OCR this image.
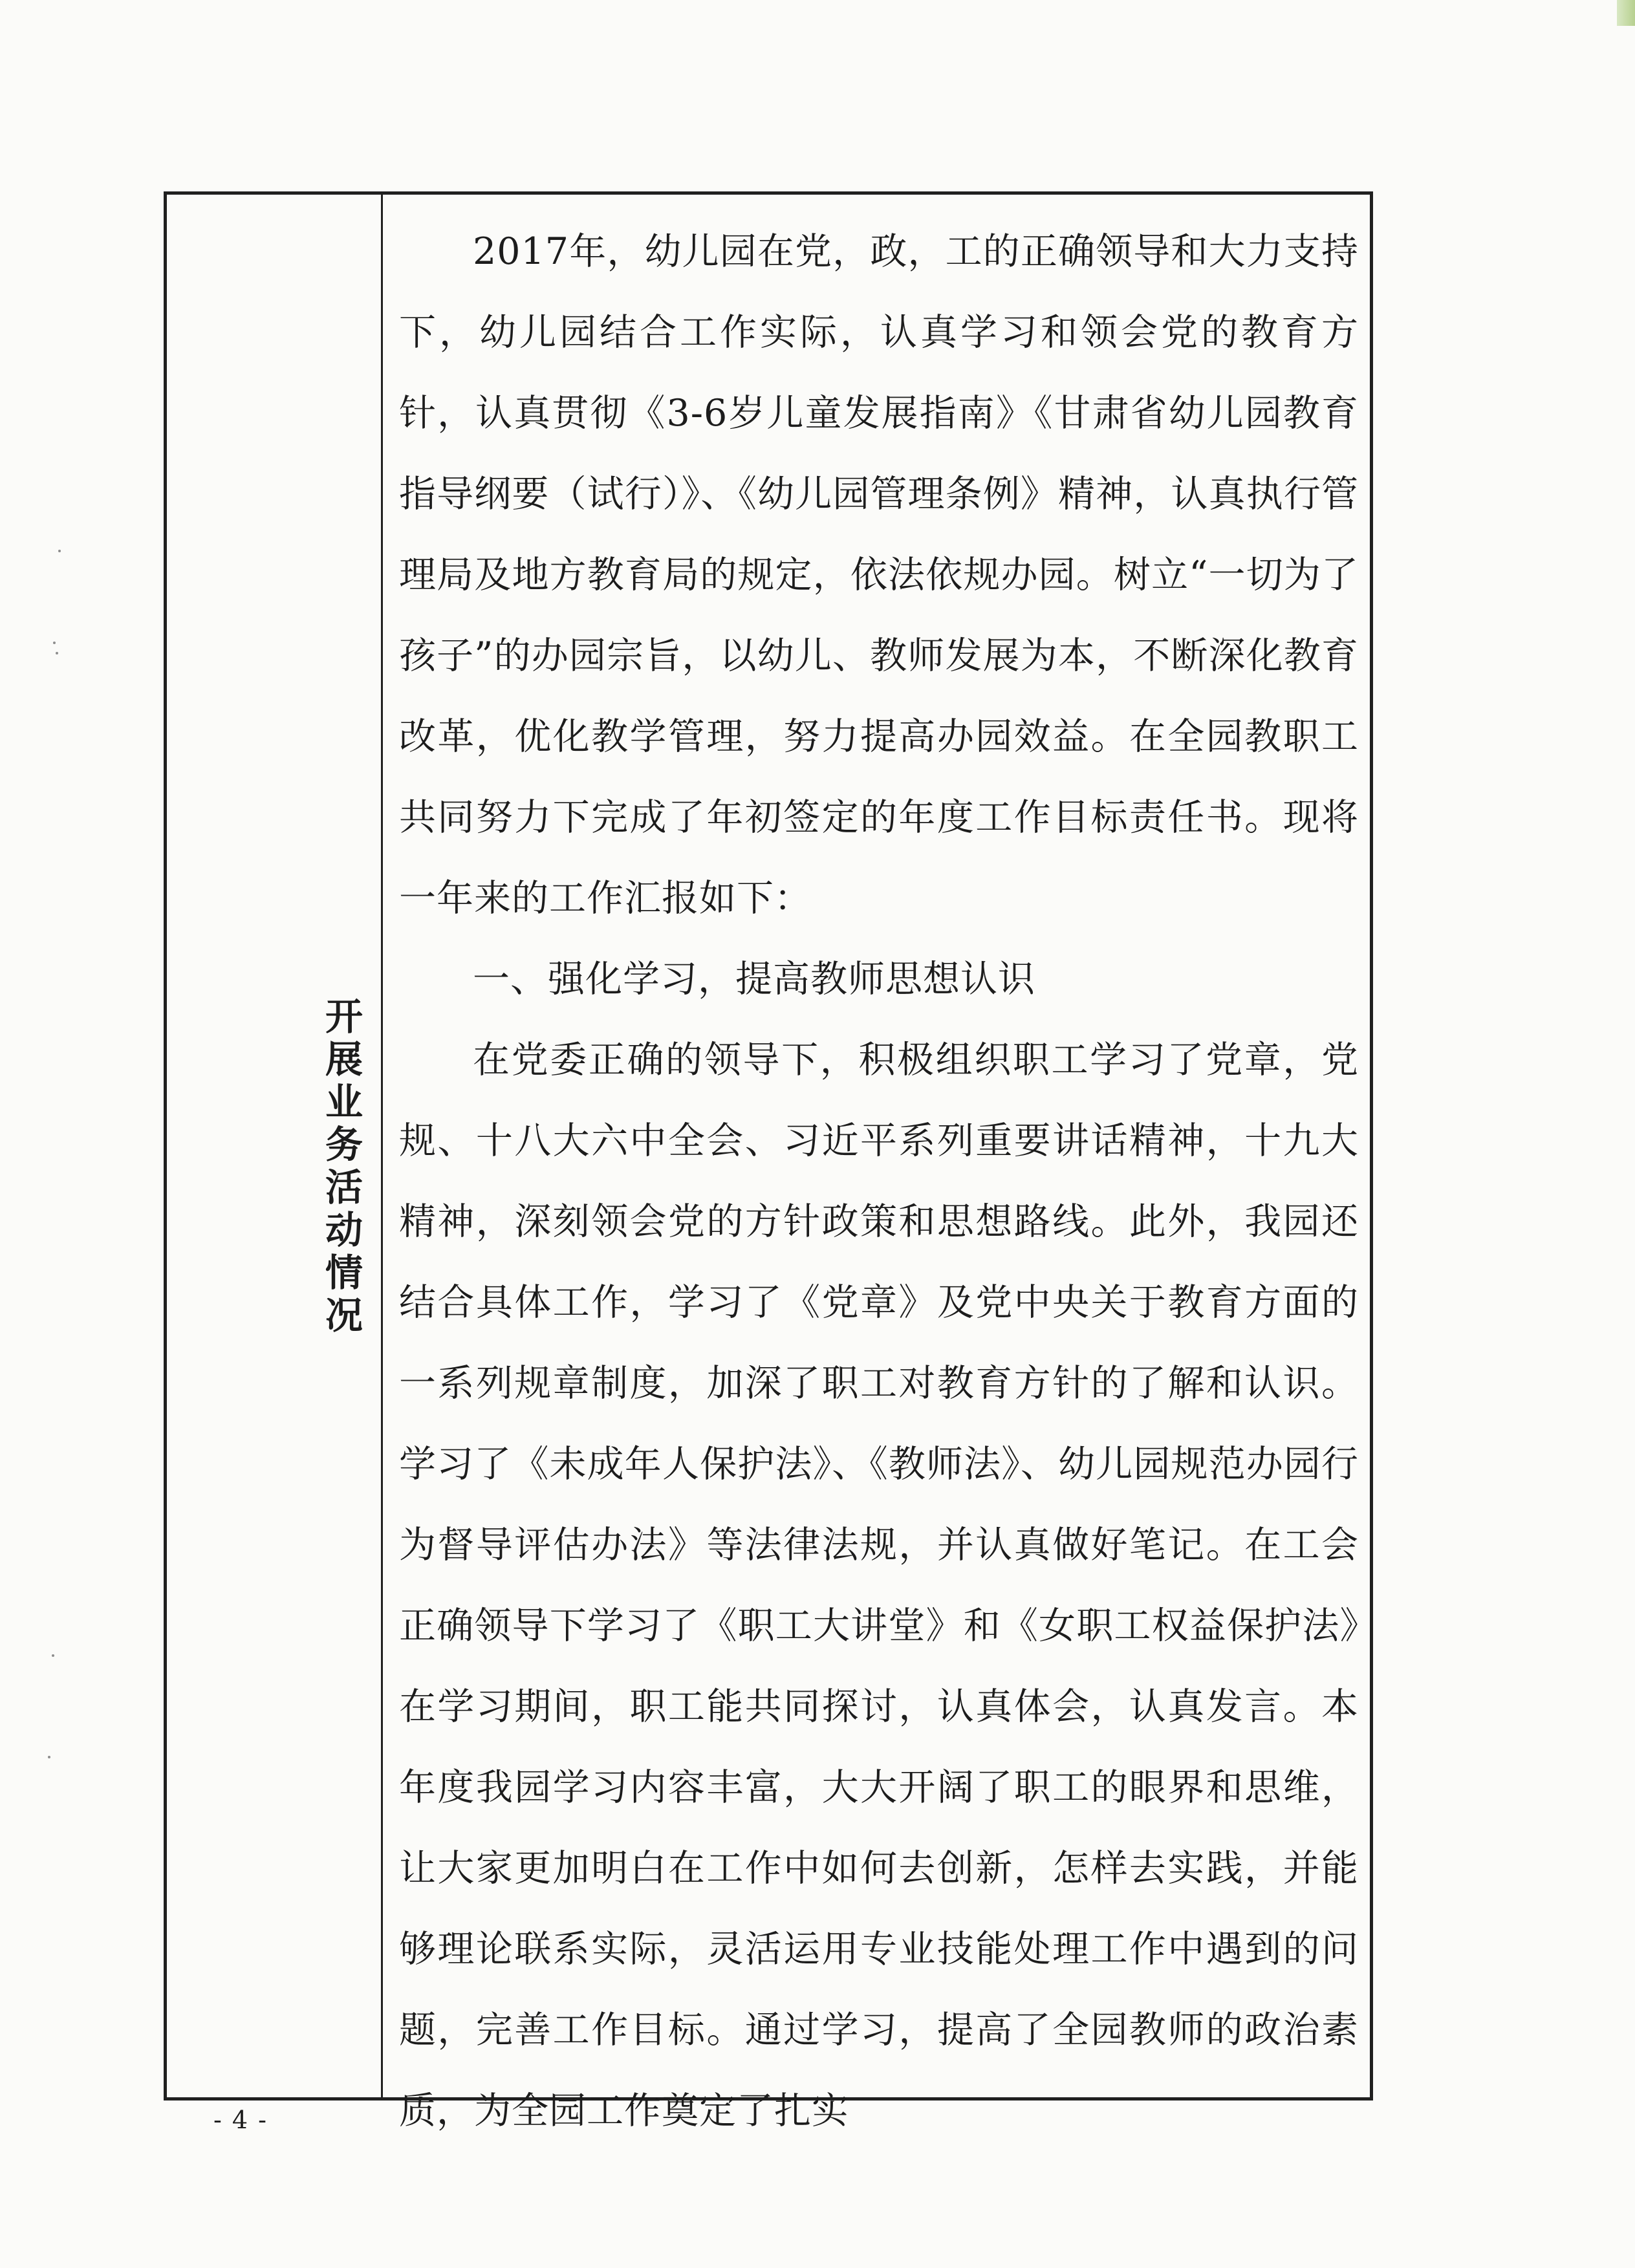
开展业务活动情况

2017年，幼儿园在党，政，工的正确领导和大力支持下，幼儿园结合工作实际，认真学习和领会党的教育方针，认真贯彻《3-6岁儿童发展指南》《甘肃省幼儿园教育指导纲要（试行）》、《幼儿园管理条例》精神，认真执行管理局及地方教育局的规定，依法依规办园。树立“一切为了孩子”的办园宗旨，以幼儿、教师发展为本，不断深化教育改革，优化教学管理，努力提高办园效益。在全园教职工共同努力下完成了年初签定的年度工作目标责任书。现将一年来的工作汇报如下：

一、强化学习，提高教师思想认识

在党委正确的领导下，积极组织职工学习了党章，党规、十八大六中全会、习近平系列重要讲话精神，十九大精神，深刻领会党的方针政策和思想路线。此外，我园还结合具体工作，学习了《党章》及党中央关于教育方面的一系列规章制度，加深了职工对教育方针的了解和认识。学习了《未成年人保护法》、《教师法》、幼儿园规范办园行为督导评估办法》等法律法规，并认真做好笔记。在工会正确领导下学习了《职工大讲堂》和《女职工权益保护法》在学习期间，职工能共同探讨，认真体会，认真发言。本年度我园学习内容丰富，大大开阔了职工的眼界和思维，让大家更加明白在工作中如何去创新，怎样去实践，并能够理论联系实际，灵活运用专业技能处理工作中遇到的问题，完善工作目标。通过学习，提高了全园教师的政治素质，为全园工作奠定了扎实

- 4 -
